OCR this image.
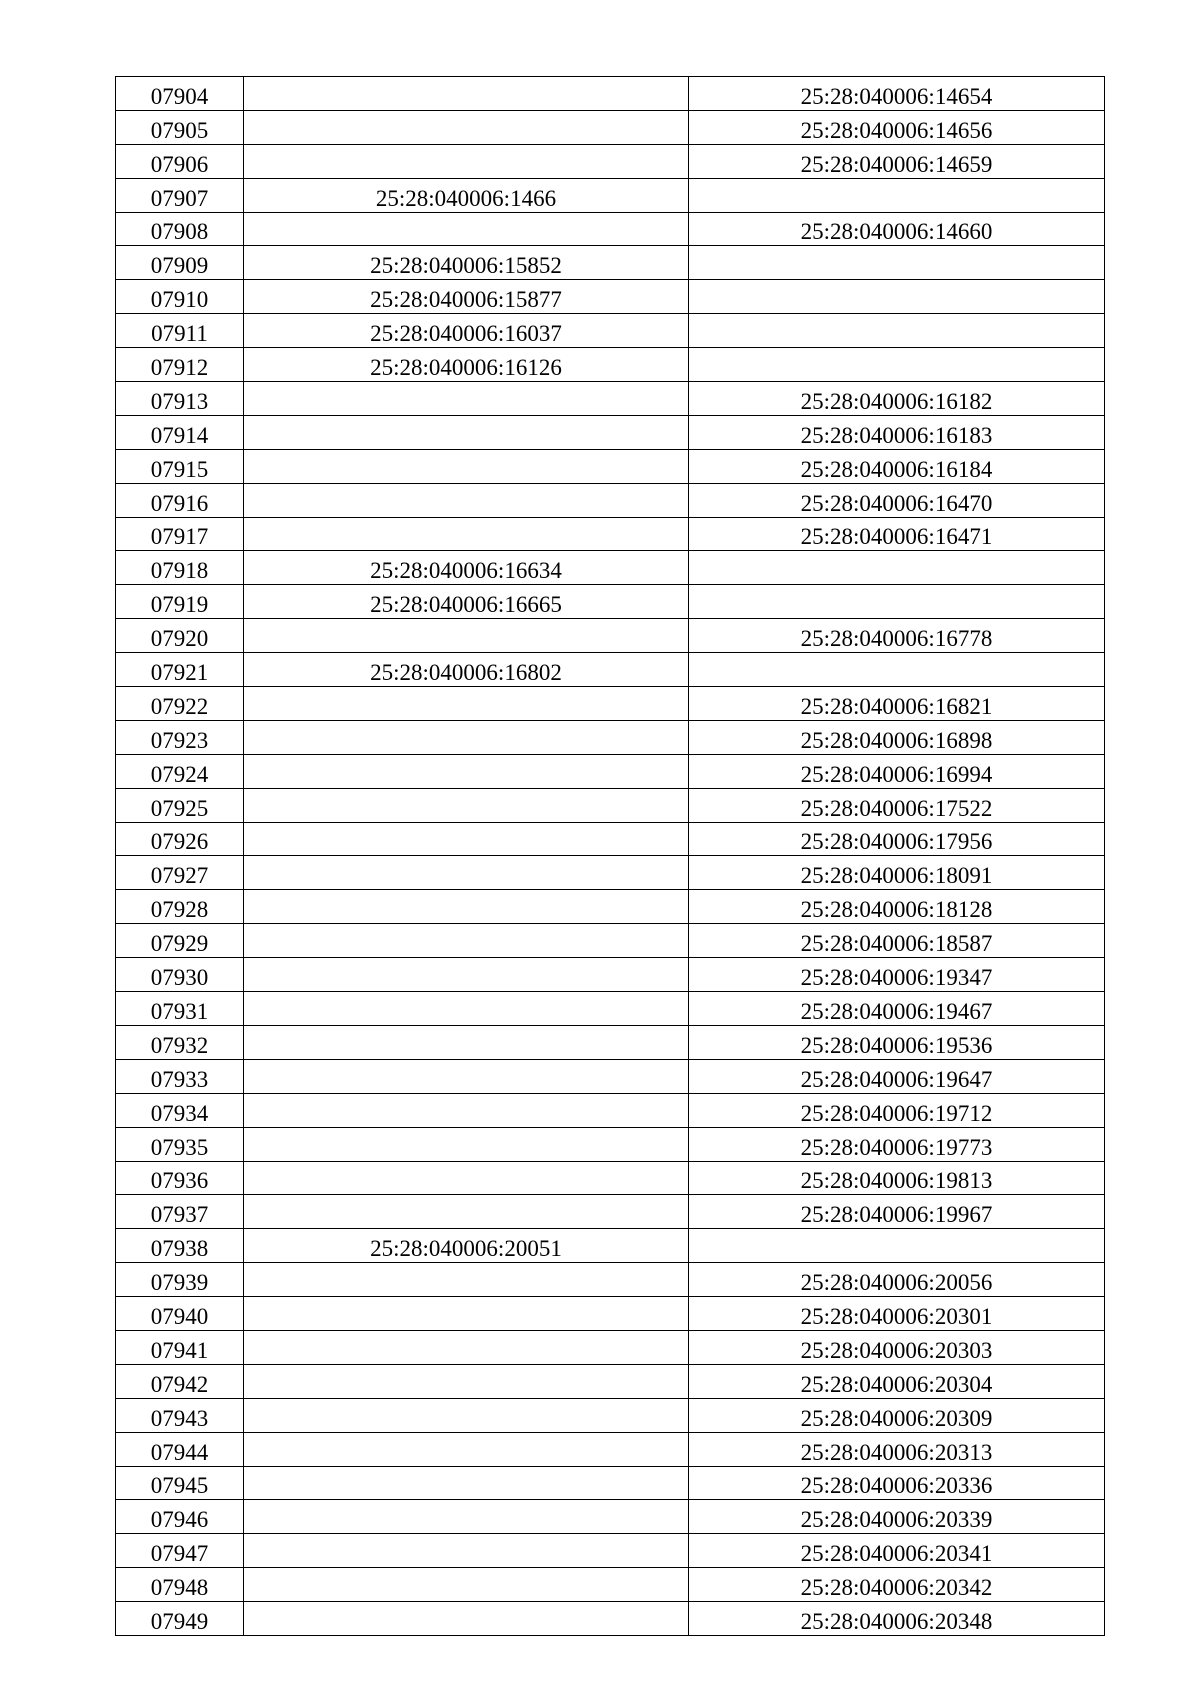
07904		25:28:040006:14654

07905		25:28:040006:14656

07906		25:28:040006:14659

07907	25:28:040006:1466	

07908		25:28:040006:14660

07909	25:28:040006:15852	

07910	25:28:040006:15877	

07911	25:28:040006:16037	

07912	25:28:040006:16126	

07913		25:28:040006:16182

07914		25:28:040006:16183

07915		25:28:040006:16184

07916		25:28:040006:16470

07917		25:28:040006:16471

07918	25:28:040006:16634	

07919	25:28:040006:16665	

07920		25:28:040006:16778

07921	25:28:040006:16802	

07922		25:28:040006:16821

07923		25:28:040006:16898

07924		25:28:040006:16994

07925		25:28:040006:17522

07926		25:28:040006:17956

07927		25:28:040006:18091

07928		25:28:040006:18128

07929		25:28:040006:18587

07930		25:28:040006:19347

07931		25:28:040006:19467

07932		25:28:040006:19536

07933		25:28:040006:19647

07934		25:28:040006:19712

07935		25:28:040006:19773

07936		25:28:040006:19813

07937		25:28:040006:19967

07938	25:28:040006:20051	

07939		25:28:040006:20056

07940		25:28:040006:20301

07941		25:28:040006:20303

07942		25:28:040006:20304

07943		25:28:040006:20309

07944		25:28:040006:20313

07945		25:28:040006:20336

07946		25:28:040006:20339

07947		25:28:040006:20341

07948		25:28:040006:20342

07949		25:28:040006:20348
